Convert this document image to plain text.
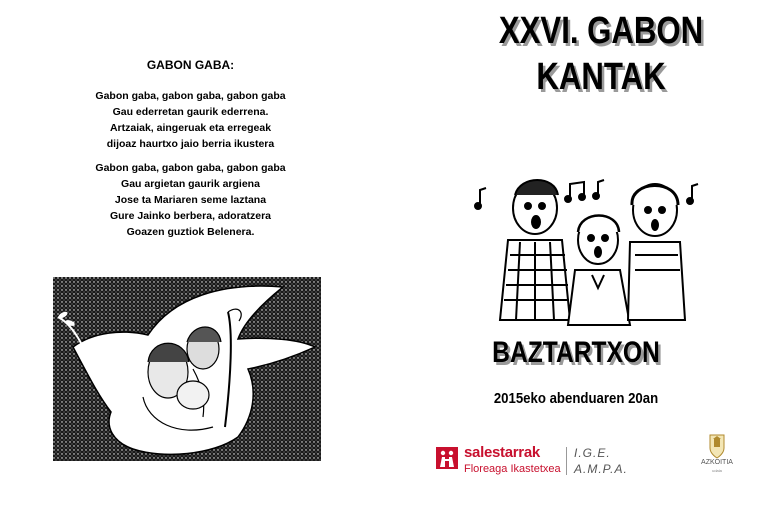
GABON GABA:
Gabon gaba, gabon gaba, gabon gaba
Gau ederretan gaurik ederrena.
Artzaiak, aingeruak eta erregeak
dijoaz haurtxo jaio berria ikustera
Gabon gaba, gabon gaba, gabon gaba
Gau argietan gaurik argiena
Jose ta Mariaren seme laztana
Gure Jainko berbera, adoratzera
Goazen guztiok Belenera.
XXVI. GABON
KANTAK
BAZTARTXON
2015eko abenduaren 20an
salestarrak
Floreaga Ikastetxea
I.G.E.
A.M.P.A.	AZKOITIA
udala
